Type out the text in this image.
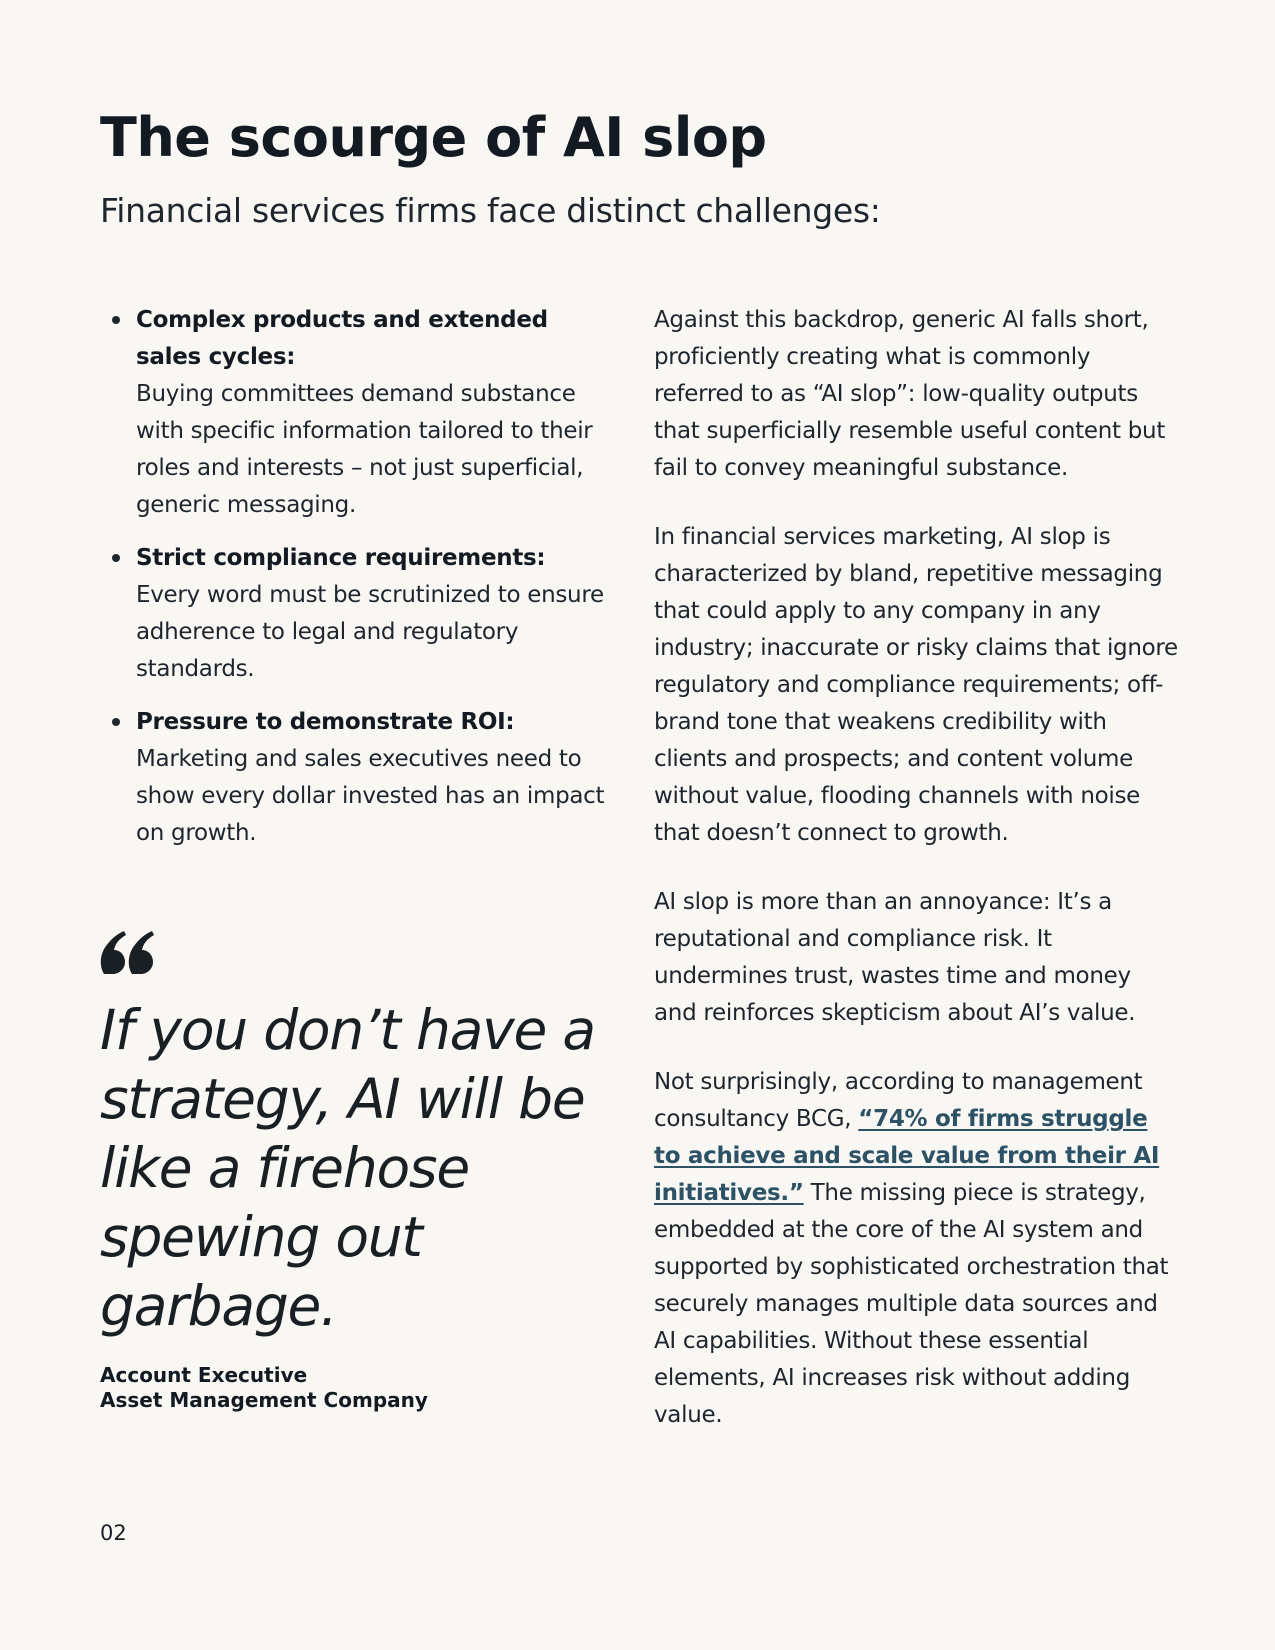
The scourge of AI slop
Financial services firms face distinct challenges:
Complex products and extended sales cycles:
Buying committees demand substance with specific information tailored to their roles and interests – not just superficial, generic messaging.
Strict compliance requirements:
Every word must be scrutinized to ensure adherence to legal and regulatory standards.
Pressure to demonstrate ROI:
Marketing and sales executives need to show every dollar invested has an impact on growth.

If you don’t have a strategy, AI will be like a firehose spewing out garbage.

Account Executive
Asset Management Company

Against this backdrop, generic AI falls short, proficiently creating what is commonly referred to as “AI slop”: low-quality outputs that superficially resemble useful content but fail to convey meaningful substance.

In financial services marketing, AI slop is characterized by bland, repetitive messaging that could apply to any company in any industry; inaccurate or risky claims that ignore regulatory and compliance requirements; off-brand tone that weakens credibility with clients and prospects; and content volume without value, flooding channels with noise that doesn’t connect to growth.

AI slop is more than an annoyance: It’s a reputational and compliance risk. It undermines trust, wastes time and money and reinforces skepticism about AI’s value.

Not surprisingly, according to management consultancy BCG, “74% of firms struggle to achieve and scale value from their AI initiatives.” The missing piece is strategy, embedded at the core of the AI system and supported by sophisticated orchestration that securely manages multiple data sources and AI capabilities. Without these essential elements, AI increases risk without adding value.

02
